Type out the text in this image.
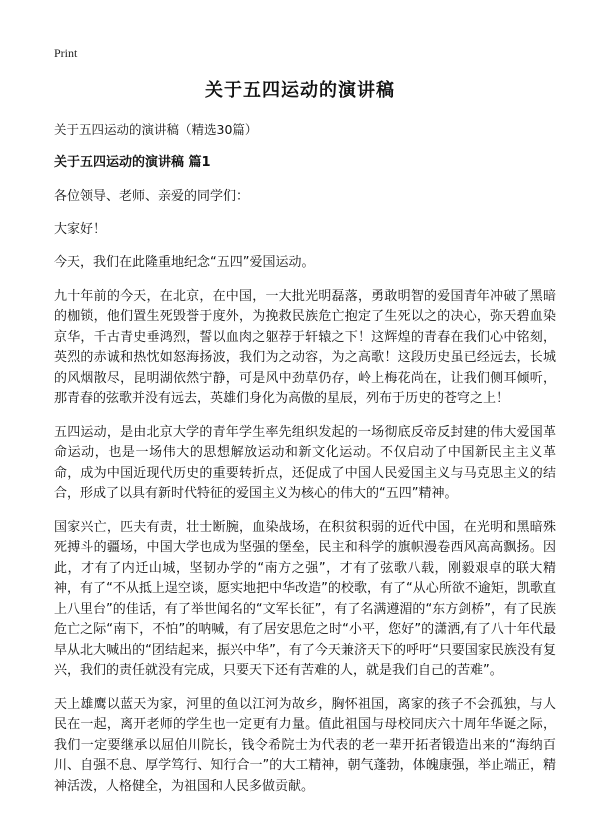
Print
关于五四运动的演讲稿

关于五四运动的演讲稿（精选30篇）

关于五四运动的演讲稿 篇1

各位领导、老师、亲爱的同学们：

大家好！

今天，我们在此隆重地纪念“五四”爱国运动。

九十年前的今天，在北京，在中国，一大批光明磊落，勇敢明智的爱国青年冲破了黑暗的枷锁，他们置生死毁誉于度外，为挽救民族危亡抱定了生死以之的决心，弥天碧血染京华，千古青史垂鸿烈，誓以血肉之躯荐于轩辕之下！这辉煌的青春在我们心中铭刻，英烈的赤诚和热忱如怒海扬波，我们为之动容，为之高歌！这段历史虽已经远去，长城的风烟散尽，昆明湖依然宁静，可是风中劲草仍存，岭上梅花尚在，让我们侧耳倾听，那青春的弦歌并没有远去，英雄们身化为高傲的星辰，列布于历史的苍穹之上！

五四运动，是由北京大学的青年学生率先组织发起的一场彻底反帝反封建的伟大爱国革命运动，也是一场伟大的思想解放运动和新文化运动。不仅启动了中国新民主主义革命，成为中国近现代历史的重要转折点，还促成了中国人民爱国主义与马克思主义的结合，形成了以具有新时代特征的爱国主义为核心的伟大的“五四”精神。

国家兴亡，匹夫有责，壮士断腕，血染战场，在积贫积弱的近代中国，在光明和黑暗殊死搏斗的疆场，中国大学也成为坚强的堡垒，民主和科学的旗帜漫卷西风高高飘扬。因此，才有了内迁山城，坚韧办学的“南方之强”，才有了弦歌八载，刚毅艰卓的联大精神，有了“不从抵上逞空谈，愿实地把中华改造”的校歌，有了“从心所欲不逾矩，凯歌直上八里台”的佳话，有了举世闻名的“文军长征”，有了名满遵湄的“东方剑桥”，有了民族危亡之际“南下，不怕”的呐喊，有了居安思危之时“小平，您好”的潇洒,有了八十年代最早从北大喊出的“团结起来，振兴中华”，有了今天兼济天下的呼吁“只要国家民族没有复兴，我们的责任就没有完成，只要天下还有苦难的人，就是我们自己的苦难”。

天上雄鹰以蓝天为家，河里的鱼以江河为故乡，胸怀祖国，离家的孩子不会孤独，与人民在一起，离开老师的学生也一定更有力量。值此祖国与母校同庆六十周年华诞之际，我们一定要继承以屈伯川院长，钱令希院士为代表的老一辈开拓者锻造出来的“海纳百川、自强不息、厚学笃行、知行合一”的大工精神，朝气蓬勃，体魄康强，举止端正，精神活泼，人格健全，为祖国和人民多做贡献。
